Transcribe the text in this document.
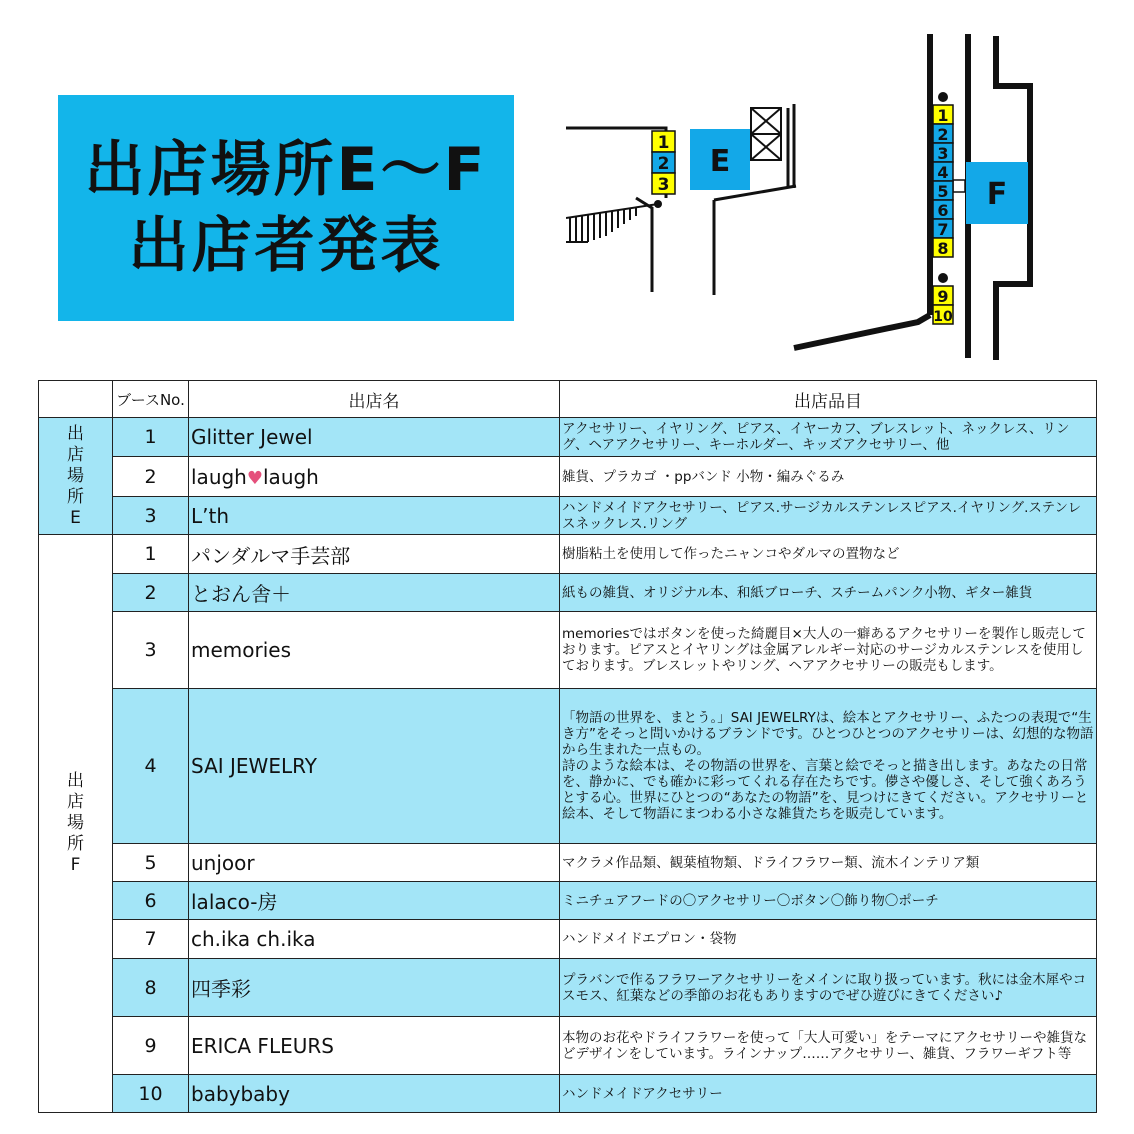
出店場所E〜F
出店者発表
1
2
3
E
1
2
3
4
5
6
7
8
9
10
F
	ブースNo.	出店名	出店品目

出店場所E	1	Glitter Jewel	アクセサリー、イヤリング、ピアス、イヤーカフ、ブレスレット、ネックレス、リング、ヘアアクセサリー、キーホルダー、キッズアクセサリー、他
	2	laugh♥laugh	雑貨、プラカゴ ・ppバンド 小物・編みぐるみ
	3	L’th	ハンドメイドアクセサリー、ピアス.サージカルステンレスピアス.イヤリング.ステンレスネックレス.リング

出店場所F	1	パンダルマ手芸部	樹脂粘土を使用して作ったニャンコやダルマの置物など
	2	とおん舎＋	紙もの雑貨、オリジナル本、和紙ブローチ、スチームパンク小物、ギター雑貨
	3	memories	memoriesではボタンを使った綺麗目×大人の一癖あるアクセサリーを製作し販売しております。ピアスとイヤリングは金属アレルギー対応のサージカルステンレスを使用しております。ブレスレットやリング、ヘアアクセサリーの販売もします。
	4	SAI JEWELRY	「物語の世界を、まとう。」SAI JEWELRYは、絵本とアクセサリー、ふたつの表現で“生き方”をそっと問いかけるブランドです。ひとつひとつのアクセサリーは、幻想的な物語から生まれた一点もの。
詩のような絵本は、その物語の世界を、言葉と絵でそっと描き出します。あなたの日常を、静かに、でも確かに彩ってくれる存在たちです。儚さや優しさ、そして強くあろうとする心。世界にひとつの“あなたの物語”を、見つけにきてください。アクセサリーと絵本、そして物語にまつわる小さな雑貨たちを販売しています。

	5	unjoor	マクラメ作品類、観葉植物類、ドライフラワー類、流木インテリア類
	6	lalaco-房	ミニチュアフードの〇アクセサリー〇ボタン〇飾り物〇ポーチ
	7	ch.ika ch.ika	ハンドメイドエプロン・袋物
	8	四季彩	プラバンで作るフラワーアクセサリーをメインに取り扱っています。秋には金木犀やコスモス、紅葉などの季節のお花もありますのでぜひ遊びにきてください♪
	9	ERICA FLEURS	本物のお花やドライフラワーを使って「大人可愛い」をテーマにアクセサリーや雑貨などデザインをしています。ラインナップ……アクセサリー、雑貨、フラワーギフト等
	10	babybaby	ハンドメイドアクセサリー
